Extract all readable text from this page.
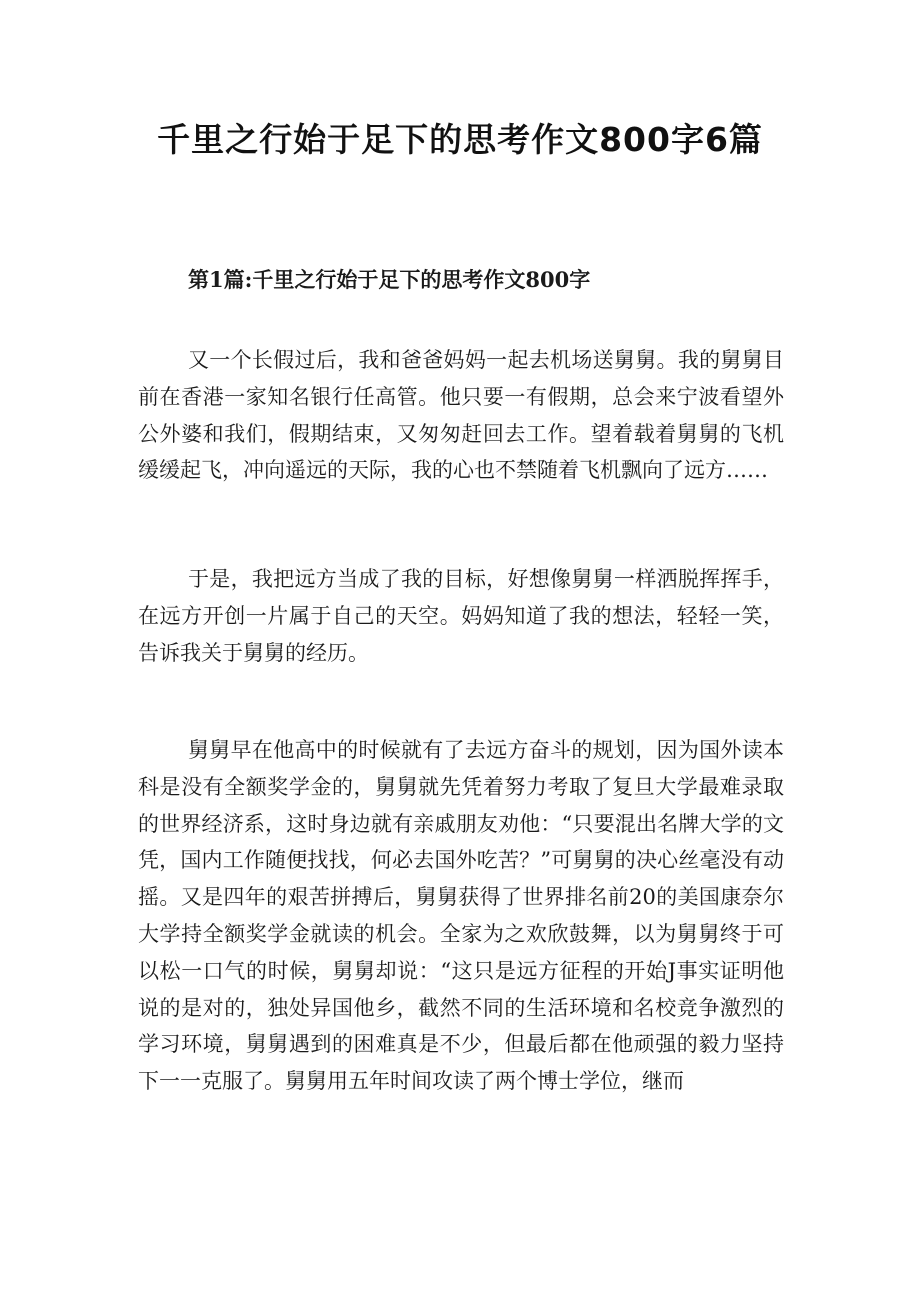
千里之行始于足下的思考作文800字6篇
第1篇:千里之行始于足下的思考作文800字

又一个长假过后，我和爸爸妈妈一起去机场送舅舅。我的舅舅目前在香港一家知名银行任高管。他只要一有假期，总会来宁波看望外公外婆和我们，假期结束，又匆匆赶回去工作。望着载着舅舅的飞机缓缓起飞，冲向遥远的天际，我的心也不禁随着飞机飘向了远方……

于是，我把远方当成了我的目标，好想像舅舅一样洒脱挥挥手，在远方开创一片属于自己的天空。妈妈知道了我的想法，轻轻一笑，告诉我关于舅舅的经历。

舅舅早在他高中的时候就有了去远方奋斗的规划，因为国外读本科是没有全额奖学金的，舅舅就先凭着努力考取了复旦大学最难录取的世界经济系，这时身边就有亲戚朋友劝他：“只要混出名牌大学的文凭，国内工作随便找找，何必去国外吃苦？”可舅舅的决心丝毫没有动摇。又是四年的艰苦拼搏后，舅舅获得了世界排名前20的美国康奈尔大学持全额奖学金就读的机会。全家为之欢欣鼓舞，以为舅舅终于可以松一口气的时候，舅舅却说：“这只是远方征程的开始J事实证明他说的是对的，独处异国他乡，截然不同的生活环境和名校竞争激烈的学习环境，舅舅遇到的困难真是不少，但最后都在他顽强的毅力坚持下一一克服了。舅舅用五年时间攻读了两个博士学位，继而
